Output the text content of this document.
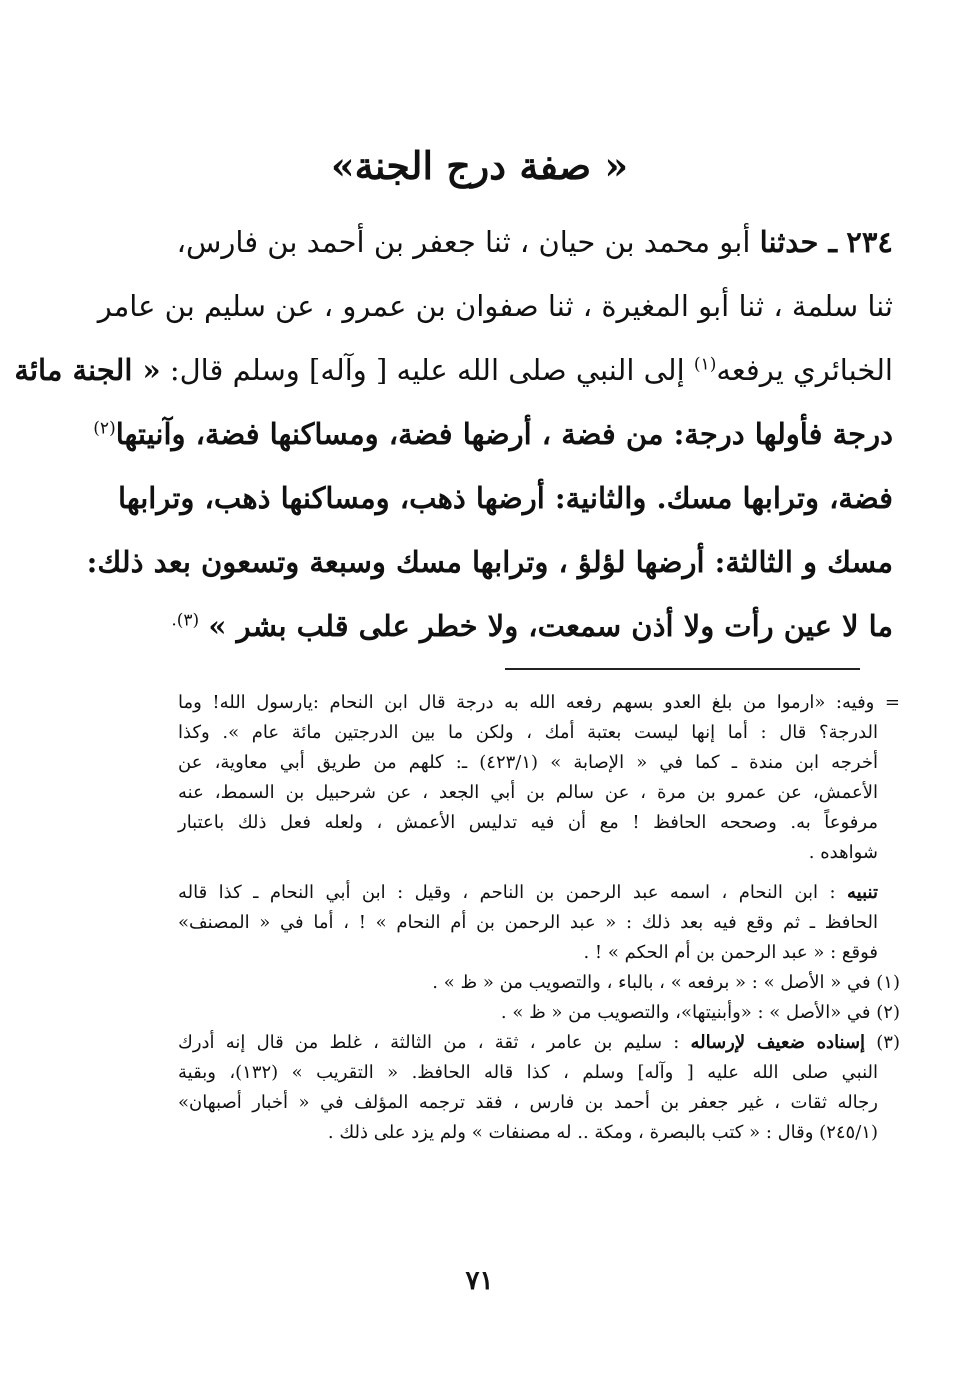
« صفة درج الجنة»
٢٣٤ ـ حدثنا أبو محمد بن حيان ، ثنا جعفر بن أحمد بن فارس،
ثنا سلمة ، ثنا أبو المغيرة ، ثنا صفوان بن عمرو ، عن سليم بن عامر
الخبائري يرفعه$^{(١)}$ إلى النبي صلى الله عليه [ وآله] وسلم قال: « الجنة مائة
درجة فأولها درجة: من فضة ، أرضها فضة، ومساكنها فضة، وآنيتها$^{(٢)}$
فضة، وترابها مسك. والثانية: أرضها ذهب، ومساكنها ذهب، وترابها
مسك و الثالثة: أرضها لؤلؤ ، وترابها مسك وسبعة وتسعون بعد ذلك:
ما لا عين رأت ولا أذن سمعت، ولا خطر على قلب بشر » $^{(٣).}$
= وفيه: «ارموا من بلغ العدو بسهم رفعه الله به درجة قال ابن النحام :يارسول الله! وما
الدرجة؟ قال : أما إنها ليست بعتبة أمك ، ولكن ما بين الدرجتين مائة عام ». وكذا
أخرجه ابن مندة ـ كما في « الإصابة » (٤٢٣/١) ـ: كلهم من طريق أبي معاوية، عن
الأعمش، عن عمرو بن مرة ، عن سالم بن أبي الجعد ، عن شرحبيل بن السمط، عنه
مرفوعاً به. وصححه الحافظ ! مع أن فيه تدليس الأعمش ، ولعله فعل ذلك باعتبار
شواهده .
تنبيه : ابن النحام ، اسمه عبد الرحمن بن الناحم ، وقيل : ابن أبي النحام ـ كذا قاله
الحافظ ـ ثم وقع فيه بعد ذلك : « عبد الرحمن بن أم النحام » ! ، أما في « المصنف»
فوقع : « عبد الرحمن بن أم الحكم » ! .
(١) في « الأصل » : « برفعه » ، بالباء ، والتصويب من « ظ » .
(٢) في «الأصل » : «وأبنيتها»، والتصويب من « ظ » .
(٣) إسناده ضعيف لإرساله : سليم بن عامر ، ثقة ، من الثالثة ، غلط من قال إنه أدرك
النبي صلى الله عليه [ وآله] وسلم ، كذا قاله الحافظ. « التقريب » (١٣٢)، وبقية
رجاله ثقات ، غير جعفر بن أحمد بن فارس ، فقد ترجمه المؤلف في « أخبار أصبهان»
(٢٤٥/١) وقال : « كتب بالبصرة ، ومكة .. له مصنفات » ولم يزد على ذلك .
٧١
